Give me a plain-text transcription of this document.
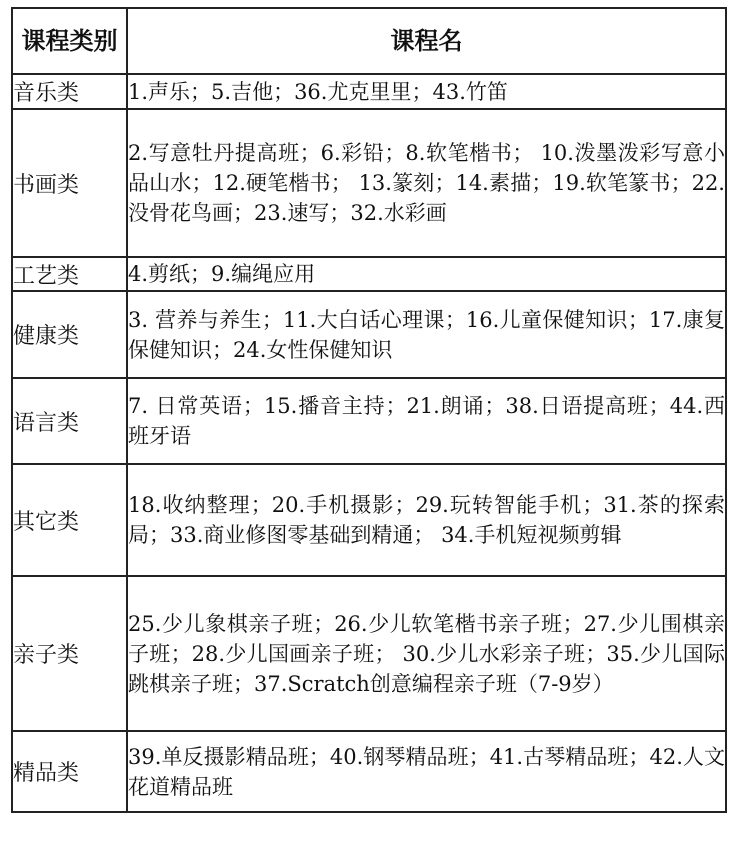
课程类别	课程名
音乐类	1.声乐；5.吉他；36.尤克里里；43.竹笛
书画类	2.写意牡丹提高班；6.彩铅；8.软笔楷书； 10.泼墨泼彩写意小品山水；12.硬笔楷书； 13.篆刻；14.素描；19.软笔篆书；22.没骨花鸟画；23.速写；32.水彩画
工艺类	4.剪纸；9.编绳应用
健康类	3. 营养与养生；11.大白话心理课；16.儿童保健知识；17.康复保健知识；24.女性保健知识
语言类	7. 日常英语；15.播音主持；21.朗诵；38.日语提高班；44.西班牙语
其它类	18.收纳整理；20.手机摄影；29.玩转智能手机；31.茶的探索局；33.商业修图零基础到精通； 34.手机短视频剪辑
亲子类	25.少儿象棋亲子班；26.少儿软笔楷书亲子班；27.少儿围棋亲子班；28.少儿国画亲子班； 30.少儿水彩亲子班；35.少儿国际跳棋亲子班；37.Scratch创意编程亲子班（7-9岁）
精品类	39.单反摄影精品班；40.钢琴精品班；41.古琴精品班；42.人文花道精品班
